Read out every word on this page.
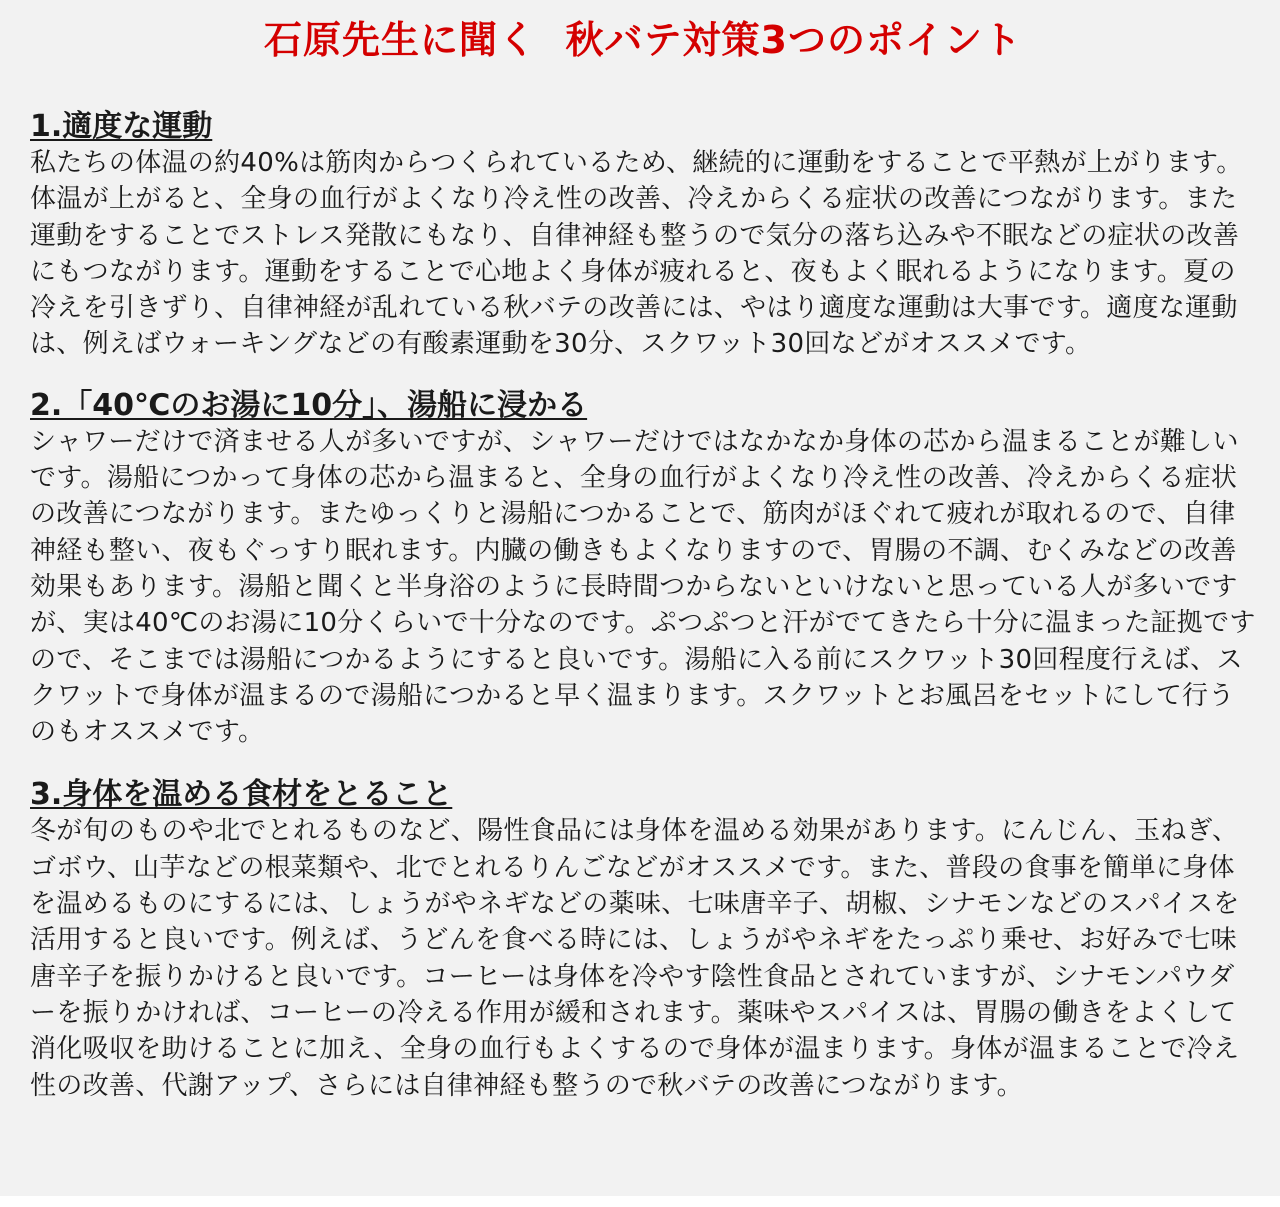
石原先生に聞く  秋バテ対策3つのポイント
1.適度な運動

私たちの体温の約40%は筋肉からつくられているため、継続的に運動をすることで平熱が上がります。体温が上がると、全身の血行がよくなり冷え性の改善、冷えからくる症状の改善につながります。また運動をすることでストレス発散にもなり、自律神経も整うので気分の落ち込みや不眠などの症状の改善にもつながります。運動をすることで心地よく身体が疲れると、夜もよく眠れるようになります。夏の冷えを引きずり、自律神経が乱れている秋バテの改善には、やはり適度な運動は大事です。適度な運動は、例えばウォーキングなどの有酸素運動を30分、スクワット30回などがオススメです。

2.「40℃のお湯に10分」、湯船に浸かる

シャワーだけで済ませる人が多いですが、シャワーだけではなかなか身体の芯から温まることが難しいです。湯船につかって身体の芯から温まると、全身の血行がよくなり冷え性の改善、冷えからくる症状の改善につながります。またゆっくりと湯船につかることで、筋肉がほぐれて疲れが取れるので、自律神経も整い、夜もぐっすり眠れます。内臓の働きもよくなりますので、胃腸の不調、むくみなどの改善効果もあります。湯船と聞くと半身浴のように長時間つからないといけないと思っている人が多いですが、実は40℃のお湯に10分くらいで十分なのです。ぷつぷつと汗がでてきたら十分に温まった証拠ですので、そこまでは湯船につかるようにすると良いです。湯船に入る前にスクワット30回程度行えば、スクワットで身体が温まるので湯船につかると早く温まります。スクワットとお風呂をセットにして行うのもオススメです。

3.身体を温める食材をとること

冬が旬のものや北でとれるものなど、陽性食品には身体を温める効果があります。にんじん、玉ねぎ、ゴボウ、山芋などの根菜類や、北でとれるりんごなどがオススメです。また、普段の食事を簡単に身体を温めるものにするには、しょうがやネギなどの薬味、七味唐辛子、胡椒、シナモンなどのスパイスを活用すると良いです。例えば、うどんを食べる時には、しょうがやネギをたっぷり乗せ、お好みで七味唐辛子を振りかけると良いです。コーヒーは身体を冷やす陰性食品とされていますが、シナモンパウダーを振りかければ、コーヒーの冷える作用が緩和されます。薬味やスパイスは、胃腸の働きをよくして消化吸収を助けることに加え、全身の血行もよくするので身体が温まります。身体が温まることで冷え性の改善、代謝アップ、さらには自律神経も整うので秋バテの改善につながります。
